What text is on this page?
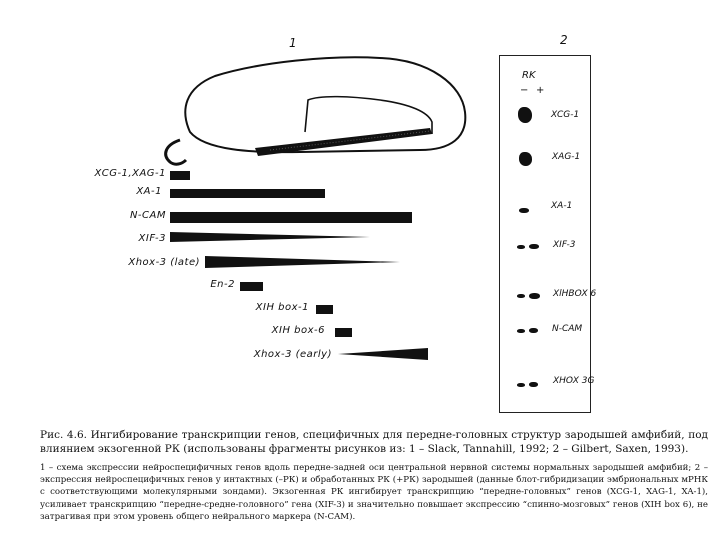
1	2
XCG-1,XAG-1
XA-1
N-CAM
XIF-3
Xhox-3 (late)
En-2
XIH box-1
XIH box-6
Xhox-3 (early)
RK
− +
XCG-1
XAG-1
XA-1
XIF-3
XlHBOX 6
N-CAM
XHOX 3G
Рис. 4.6. Ингибирование транскрипции генов, специфичных для передне-головных структур зародышей амфибий, под влиянием экзогенной РК (использованы фрагменты рисунков из: 1 – Slack, Tannahill, 1992; 2 – Gilbert, Saxen, 1993).
1 – схема экспрессии нейроспецифичных генов вдоль передне-задней оси центральной нервной системы нормальных зародышей амфибий; 2 – экспрессия нейроспецифичных генов у интактных (–РК) и обработанных РК (+РК) зародышей (данные блот-гибридизации эмбриональных мРНК с соответствующими молекулярными зондами). Экзогенная РК ингибирует транскрипцию “передне-головных” генов (XCG-1, XAG-1, XA-1), усиливает транскрипцию “передне-средне-головного” гена (XIF-3) и значительно повышает экспрессию “спинно-мозговых” генов (XIH box 6), не затрагивая при этом уровень общего нейрального маркера (N-CAM).
